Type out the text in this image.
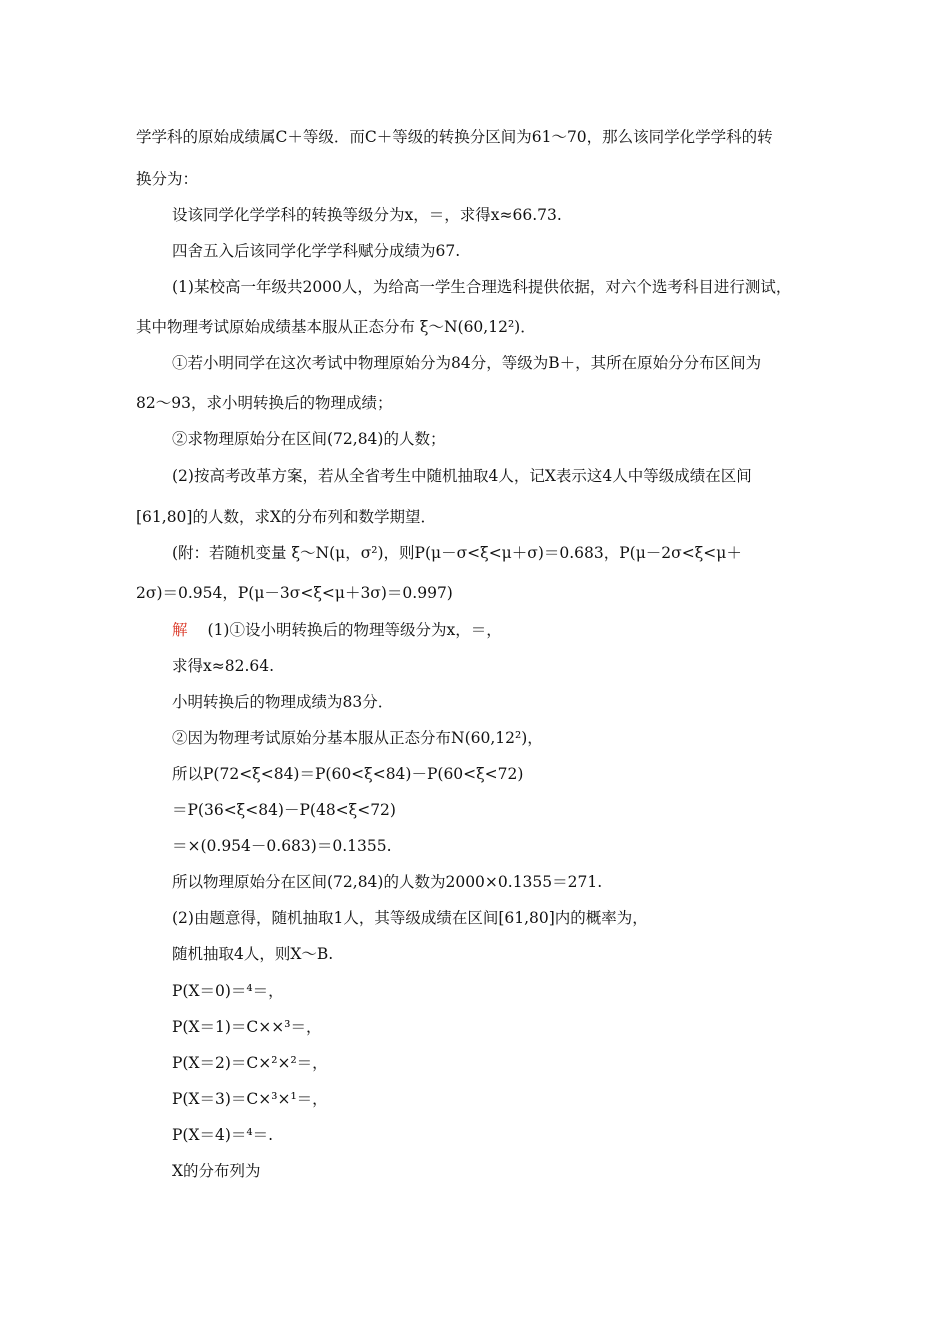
学学科的原始成绩属C＋等级．而C＋等级的转换分区间为61～70，那么该同学化学学科的转
换分为：
设该同学化学学科的转换等级分为x，＝，求得x≈66.73.
四舍五入后该同学化学学科赋分成绩为67.
(1)某校高一年级共2000人，为给高一学生合理选科提供依据，对六个选考科目进行测试，
其中物理考试原始成绩基本服从正态分布 ξ～N(60,12²)．
①若小明同学在这次考试中物理原始分为84分，等级为B＋，其所在原始分分布区间为
82～93，求小明转换后的物理成绩；
②求物理原始分在区间(72,84)的人数；
(2)按高考改革方案，若从全省考生中随机抽取4人，记X表示这4人中等级成绩在区间
[61,80]的人数，求X的分布列和数学期望．
(附：若随机变量 ξ～N(μ，σ²)，则P(μ－σ<ξ<μ＋σ)＝0.683，P(μ－2σ<ξ<μ＋
2σ)＝0.954，P(μ－3σ<ξ<μ＋3σ)＝0.997)
解 (1)①设小明转换后的物理等级分为x，＝，
求得x≈82.64.
小明转换后的物理成绩为83分．
②因为物理考试原始分基本服从正态分布N(60,12²)，
所以P(72<ξ<84)＝P(60<ξ<84)－P(60<ξ<72)
＝P(36<ξ<84)－P(48<ξ<72)
＝×(0.954－0.683)＝0.1355.
所以物理原始分在区间(72,84)的人数为2000×0.1355＝271.
(2)由题意得，随机抽取1人，其等级成绩在区间[61,80]内的概率为，
随机抽取4人，则X～B.
P(X＝0)＝⁴＝，
P(X＝1)＝C××³＝，
P(X＝2)＝C×²×²＝，
P(X＝3)＝C×³×¹＝，
P(X＝4)＝⁴＝.
X的分布列为
